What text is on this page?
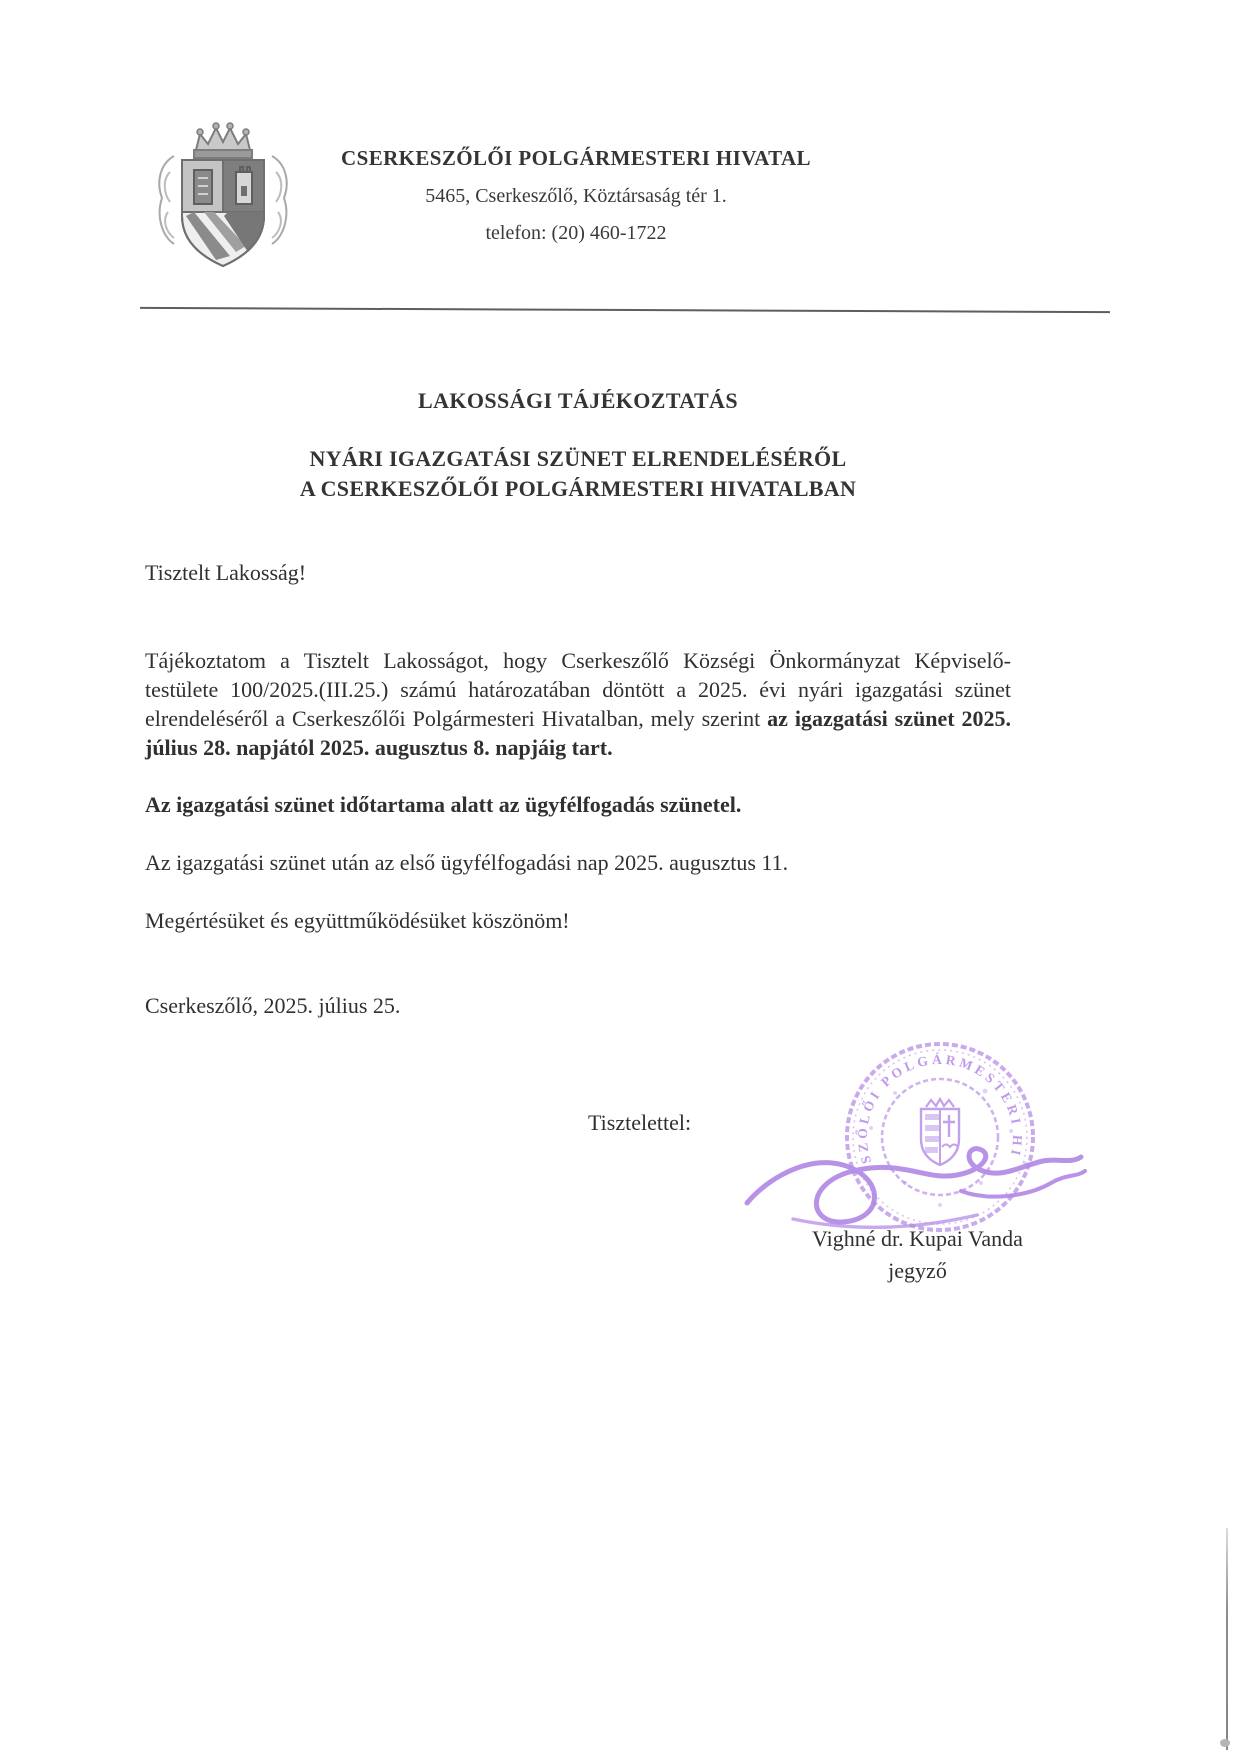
CSERKESZŐLŐI POLGÁRMESTERI HIVATAL
5465, Cserkeszőlő, Köztársaság tér 1.
telefon: (20) 460-1722
LAKOSSÁGI TÁJÉKOZTATÁS
NYÁRI IGAZGATÁSI SZÜNET ELRENDELÉSÉRŐL
A CSERKESZŐLŐI POLGÁRMESTERI HIVATALBAN
Tisztelt Lakosság!
Tájékoztatom a Tisztelt Lakosságot, hogy Cserkeszőlő Községi Önkormányzat Képviselő-testülete 100/2025.(III.25.) számú határozatában döntött a 2025. évi nyári igazgatási szünet elrendeléséről a Cserkeszőlői Polgármesteri Hivatalban, mely szerint az igazgatási szünet 2025. július 28. napjától 2025. augusztus 8. napjáig tart.
Az igazgatási szünet időtartama alatt az ügyfélfogadás szünetel.
Az igazgatási szünet után az első ügyfélfogadási nap 2025. augusztus 11.
Megértésüket és együttműködésüket köszönöm!
Cserkeszőlő, 2025. július 25.
Tisztelettel:
SZŐLŐI POLGÁRMESTERI HI
Vighné dr. Kupai Vanda
jegyző
